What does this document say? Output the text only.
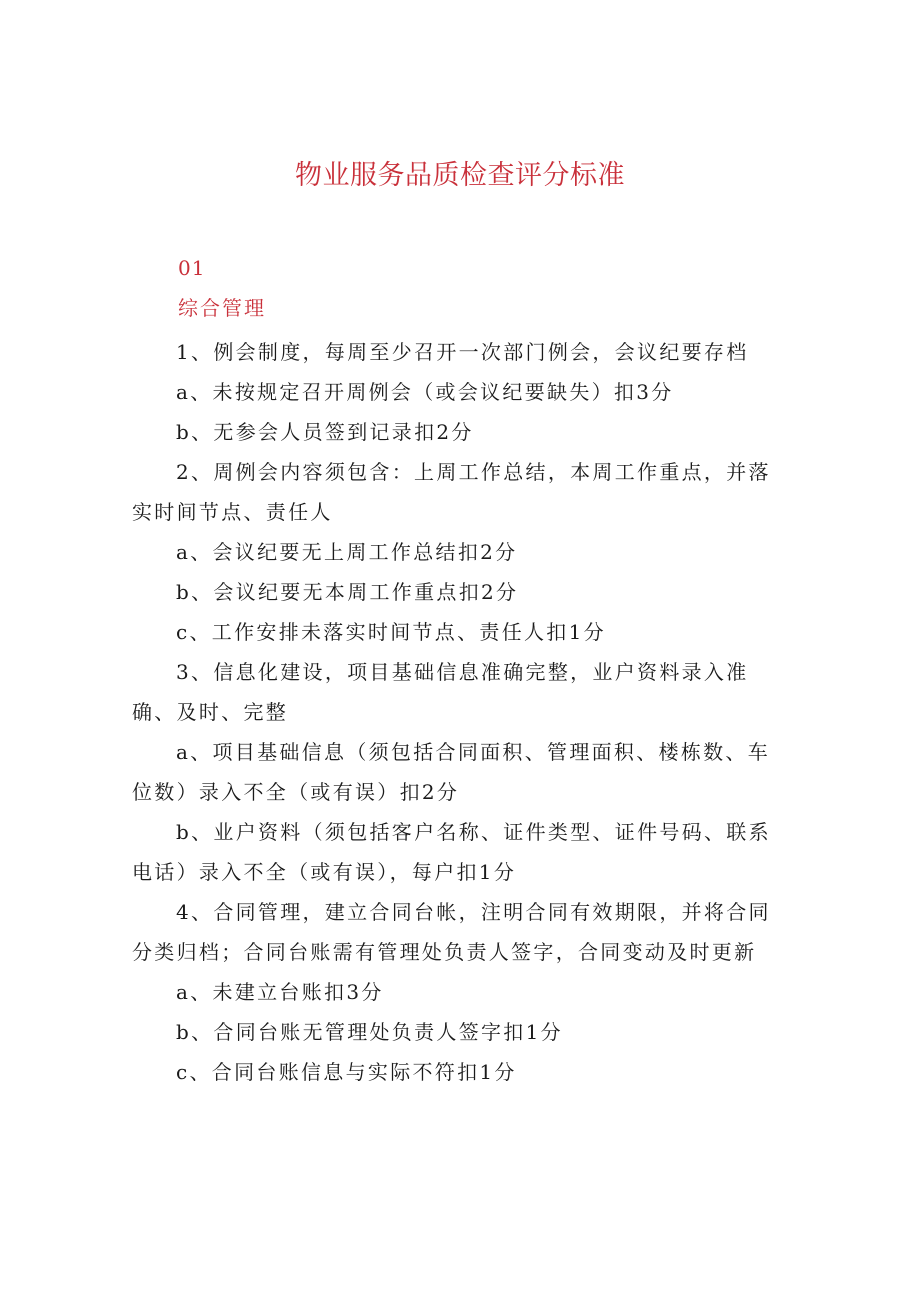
物业服务品质检查评分标准
01
综合管理

1、例会制度，每周至少召开一次部门例会，会议纪要存档

a、未按规定召开周例会（或会议纪要缺失）扣3分

b、无参会人员签到记录扣2分

2、周例会内容须包含：上周工作总结，本周工作重点，并落实时间节点、责任人

a、会议纪要无上周工作总结扣2分

b、会议纪要无本周工作重点扣2分

c、工作安排未落实时间节点、责任人扣1分

3、信息化建设，项目基础信息准确完整，业户资料录入准确、及时、完整

a、项目基础信息（须包括合同面积、管理面积、楼栋数、车位数）录入不全（或有误）扣2分

b、业户资料（须包括客户名称、证件类型、证件号码、联系电话）录入不全（或有误），每户扣1分

4、合同管理，建立合同台帐，注明合同有效期限，并将合同分类归档；合同台账需有管理处负责人签字，合同变动及时更新

a、未建立台账扣3分

b、合同台账无管理处负责人签字扣1分

c、合同台账信息与实际不符扣1分
